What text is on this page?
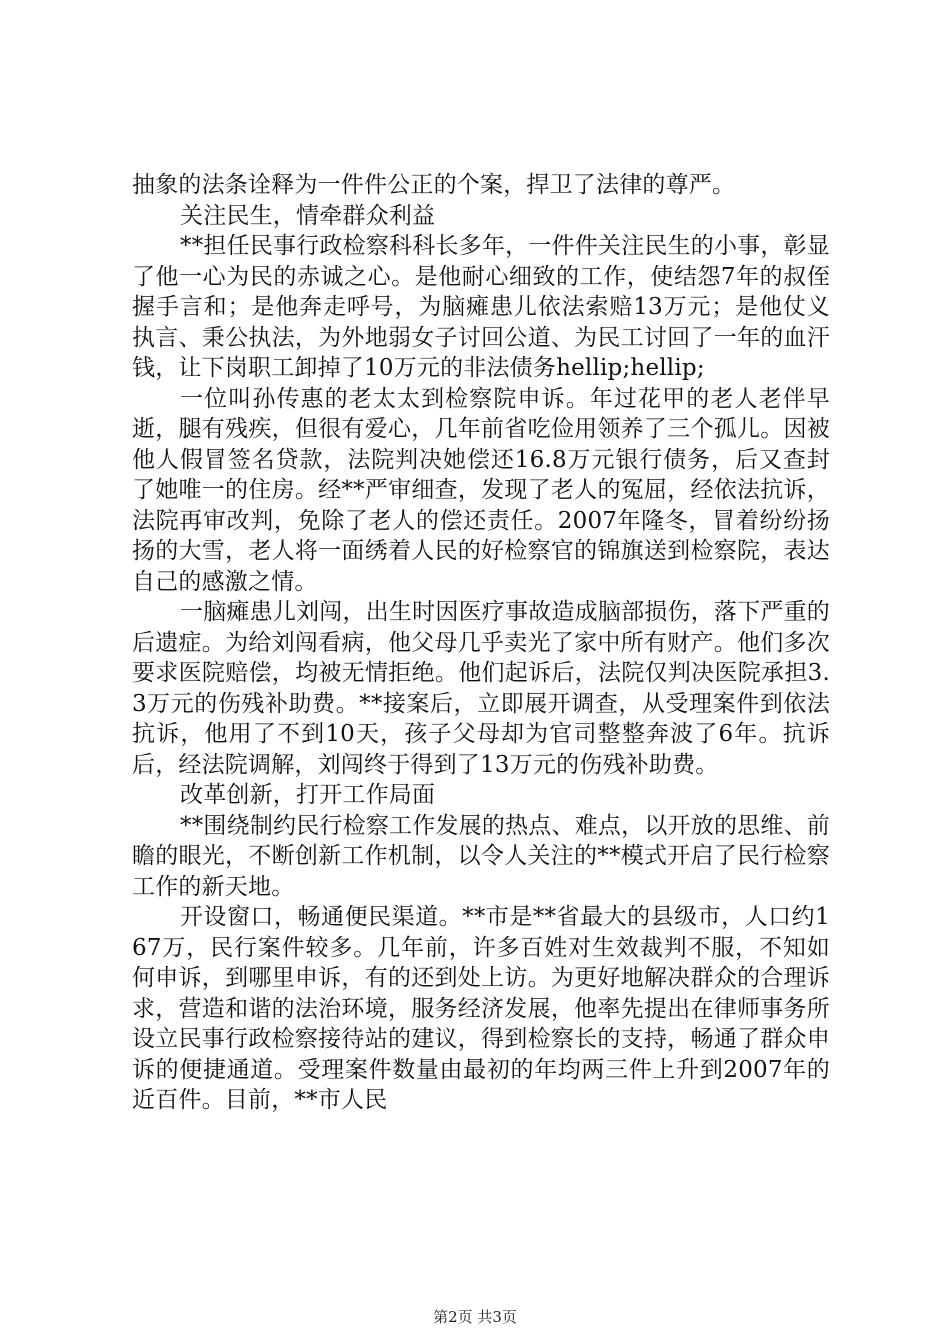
抽象的法条诠释为一件件公正的个案，捍卫了法律的尊严。

关注民生，情牵群众利益

**担任民事行政检察科科长多年，一件件关注民生的小事，彰显了他一心为民的赤诚之心。是他耐心细致的工作，使结怨7年的叔侄握手言和；是他奔走呼号，为脑瘫患儿依法索赔13万元；是他仗义执言、秉公执法，为外地弱女子讨回公道、为民工讨回了一年的血汗钱，让下岗职工卸掉了10万元的非法债务hellip;hellip;

一位叫孙传惠的老太太到检察院申诉。年过花甲的老人老伴早逝，腿有残疾，但很有爱心，几年前省吃俭用领养了三个孤儿。因被他人假冒签名贷款，法院判决她偿还16.8万元银行债务，后又查封了她唯一的住房。经**严审细查，发现了老人的冤屈，经依法抗诉，法院再审改判，免除了老人的偿还责任。2007年隆冬，冒着纷纷扬扬的大雪，老人将一面绣着人民的好检察官的锦旗送到检察院，表达自己的感激之情。

一脑瘫患儿刘闯，出生时因医疗事故造成脑部损伤，落下严重的后遗症。为给刘闯看病，他父母几乎卖光了家中所有财产。他们多次要求医院赔偿，均被无情拒绝。他们起诉后，法院仅判决医院承担3.3万元的伤残补助费。**接案后，立即展开调查，从受理案件到依法抗诉，他用了不到10天，孩子父母却为官司整整奔波了6年。抗诉后，经法院调解，刘闯终于得到了13万元的伤残补助费。

改革创新，打开工作局面

**围绕制约民行检察工作发展的热点、难点，以开放的思维、前瞻的眼光，不断创新工作机制，以令人关注的**模式开启了民行检察工作的新天地。

开设窗口，畅通便民渠道。**市是**省最大的县级市，人口约167万，民行案件较多。几年前，许多百姓对生效裁判不服，不知如何申诉，到哪里申诉，有的还到处上访。为更好地解决群众的合理诉求，营造和谐的法治环境，服务经济发展，他率先提出在律师事务所设立民事行政检察接待站的建议，得到检察长的支持，畅通了群众申诉的便捷通道。受理案件数量由最初的年均两三件上升到2007年的近百件。目前，**市人民

第2页 共3页
